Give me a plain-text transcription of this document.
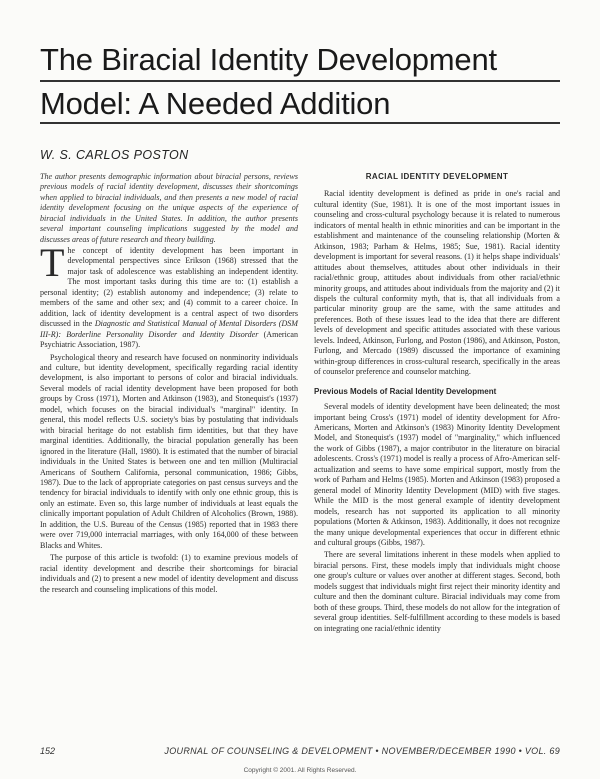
The Biracial Identity Development
Model: A Needed Addition
W. S. CARLOS POSTON

The author presents demographic information about biracial persons, reviews previous models of racial identity development, discusses their shortcomings when applied to biracial individuals, and then presents a new model of racial identity development focusing on the unique aspects of the experience of biracial individuals in the United States. In addition, the author presents several important counseling implications suggested by the model and discusses areas of future research and theory building.

The concept of identity development has been important in developmental perspectives since Erikson (1968) stressed that the major task of adolescence was establishing an independent identity. The most important tasks during this time are to: (1) establish a personal identity; (2) establish autonomy and independence; (3) relate to members of the same and other sex; and (4) commit to a career choice. In addition, lack of identity development is a central aspect of two disorders discussed in the Diagnostic and Statistical Manual of Mental Disorders (DSM III-R): Borderline Personality Disorder and Identity Disorder (American Psychiatric Association, 1987).

Psychological theory and research have focused on nonminority individuals and culture, but identity development, specifically regarding racial identity development, is also important to persons of color and biracial individuals. Several models of racial identity development have been proposed for both groups by Cross (1971), Morten and Atkinson (1983), and Stonequist's (1937) model, which focuses on the biracial individual's "marginal" identity. In general, this model reflects U.S. society's bias by postulating that individuals with biracial heritage do not establish firm identities, but that they have marginal identities. Additionally, the biracial population generally has been ignored in the literature (Hall, 1980). It is estimated that the number of biracial individuals in the United States is between one and ten million (Multiracial Americans of Southern California, personal communication, 1986; Gibbs, 1987). Due to the lack of appropriate categories on past census surveys and the tendency for biracial individuals to identify with only one ethnic group, this is only an estimate. Even so, this large number of individuals at least equals the clinically important population of Adult Children of Alcoholics (Brown, 1988). In addition, the U.S. Bureau of the Census (1985) reported that in 1983 there were over 719,000 interracial marriages, with only 164,000 of these between Blacks and Whites.

The purpose of this article is twofold: (1) to examine previous models of racial identity development and describe their shortcomings for biracial individuals and (2) to present a new model of identity development and discuss the research and counseling implications of this model.

RACIAL IDENTITY DEVELOPMENT

Racial identity development is defined as pride in one's racial and cultural identity (Sue, 1981). It is one of the most important issues in counseling and cross-cultural psychology because it is related to numerous indicators of mental health in ethnic minorities and can be important in the establishment and maintenance of the counseling relationship (Morten & Atkinson, 1983; Parham & Helms, 1985; Sue, 1981). Racial identity development is important for several reasons. (1) it helps shape individuals' attitudes about themselves, attitudes about other individuals in their racial/ethnic group, attitudes about individuals from other racial/ethnic minority groups, and attitudes about individuals from the majority and (2) it dispels the cultural conformity myth, that is, that all individuals from a particular minority group are the same, with the same attitudes and preferences. Both of these issues lead to the idea that there are different levels of development and specific attitudes associated with these various levels. Indeed, Atkinson, Furlong, and Poston (1986), and Atkinson, Poston, Furlong, and Mercado (1989) discussed the importance of examining within-group differences in cross-cultural research, specifically in the areas of counselor preference and counselor matching.

Previous Models of Racial Identity Development

Several models of identity development have been delineated; the most important being Cross's (1971) model of identity development for Afro-Americans, Morten and Atkinson's (1983) Minority Identity Development Model, and Stonequist's (1937) model of "marginality," which influenced the work of Gibbs (1987), a major contributor in the literature on biracial adolescents. Cross's (1971) model is really a process of Afro-American self-actualization and seems to have some empirical support, mostly from the work of Parham and Helms (1985). Morten and Atkinson (1983) proposed a general model of Minority Identity Development (MID) with five stages. While the MID is the most general example of identity development models, research has not supported its application to all minority populations (Morten & Atkinson, 1983). Additionally, it does not recognize the many unique developmental experiences that occur in different ethnic and cultural groups (Gibbs, 1987).

There are several limitations inherent in these models when applied to biracial persons. First, these models imply that individuals might choose one group's culture or values over another at different stages. Second, both models suggest that individuals might first reject their minority identity and culture and then the dominant culture. Biracial individuals may come from both of these groups. Third, these models do not allow for the integration of several group identities. Self-fulfillment according to these models is based on integrating one racial/ethnic identity

152	JOURNAL OF COUNSELING & DEVELOPMENT • NOVEMBER/DECEMBER 1990 • VOL. 69
Copyright © 2001. All Rights Reserved.
